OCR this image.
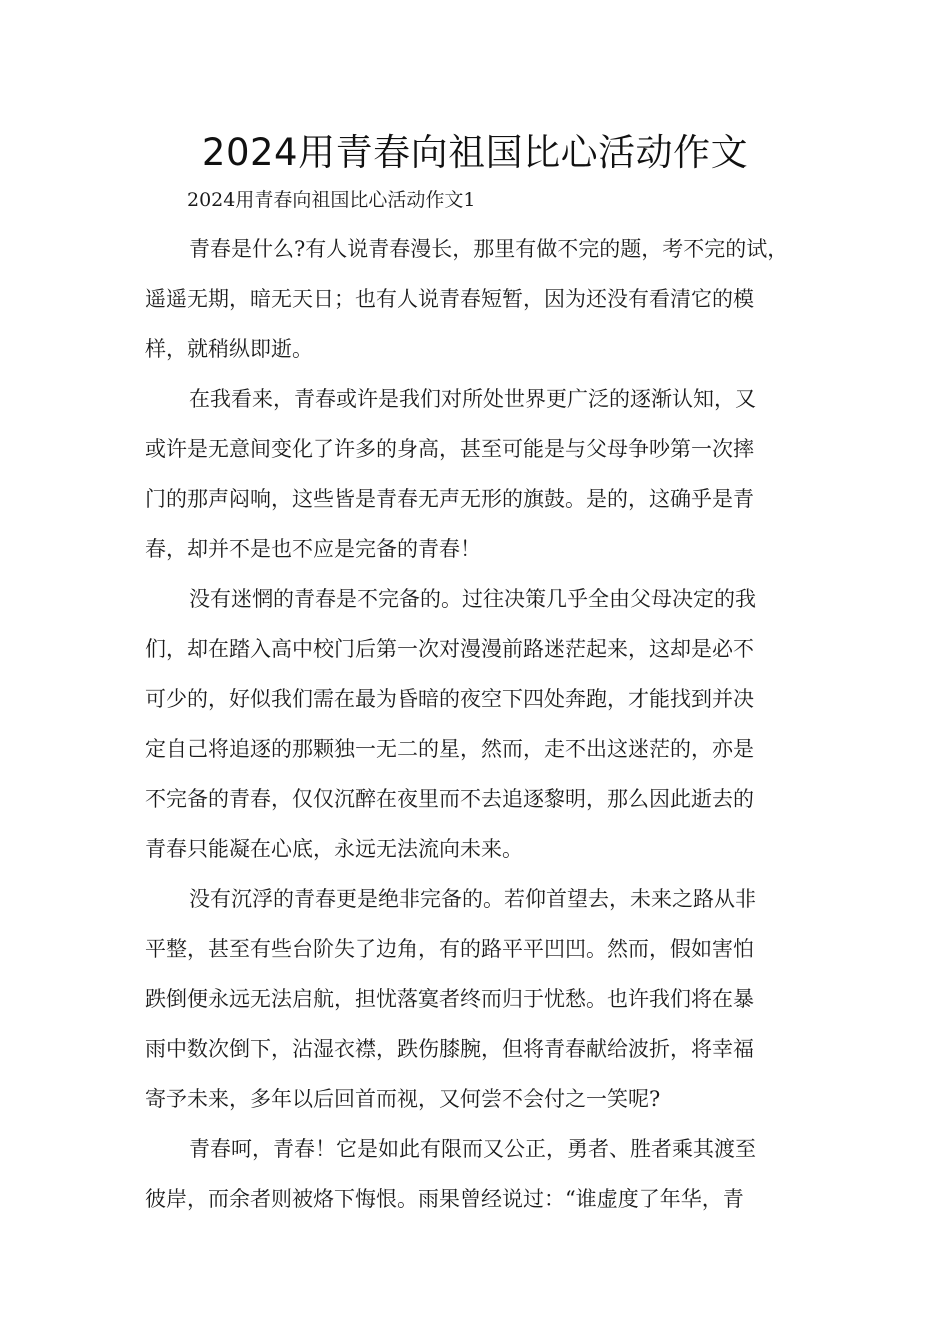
2024用青春向祖国比心活动作文
2024用青春向祖国比心活动作文1
青春是什么?有人说青春漫长，那里有做不完的题，考不完的试，
遥遥无期，暗无天日；也有人说青春短暂，因为还没有看清它的模
样，就稍纵即逝。
在我看来，青春或许是我们对所处世界更广泛的逐渐认知，又
或许是无意间变化了许多的身高，甚至可能是与父母争吵第一次摔
门的那声闷响，这些皆是青春无声无形的旗鼓。是的，这确乎是青
春，却并不是也不应是完备的青春！
没有迷惘的青春是不完备的。过往决策几乎全由父母决定的我
们，却在踏入高中校门后第一次对漫漫前路迷茫起来，这却是必不
可少的，好似我们需在最为昏暗的夜空下四处奔跑，才能找到并决
定自己将追逐的那颗独一无二的星，然而，走不出这迷茫的，亦是
不完备的青春，仅仅沉醉在夜里而不去追逐黎明，那么因此逝去的
青春只能凝在心底，永远无法流向未来。
没有沉浮的青春更是绝非完备的。若仰首望去，未来之路从非
平整，甚至有些台阶失了边角，有的路平平凹凹。然而，假如害怕
跌倒便永远无法启航，担忧落寞者终而归于忧愁。也许我们将在暴
雨中数次倒下，沾湿衣襟，跌伤膝腕，但将青春献给波折，将幸福
寄予未来，多年以后回首而视，又何尝不会付之一笑呢?
青春呵，青春！它是如此有限而又公正，勇者、胜者乘其渡至
彼岸，而余者则被烙下悔恨。雨果曾经说过：“谁虚度了年华，青
